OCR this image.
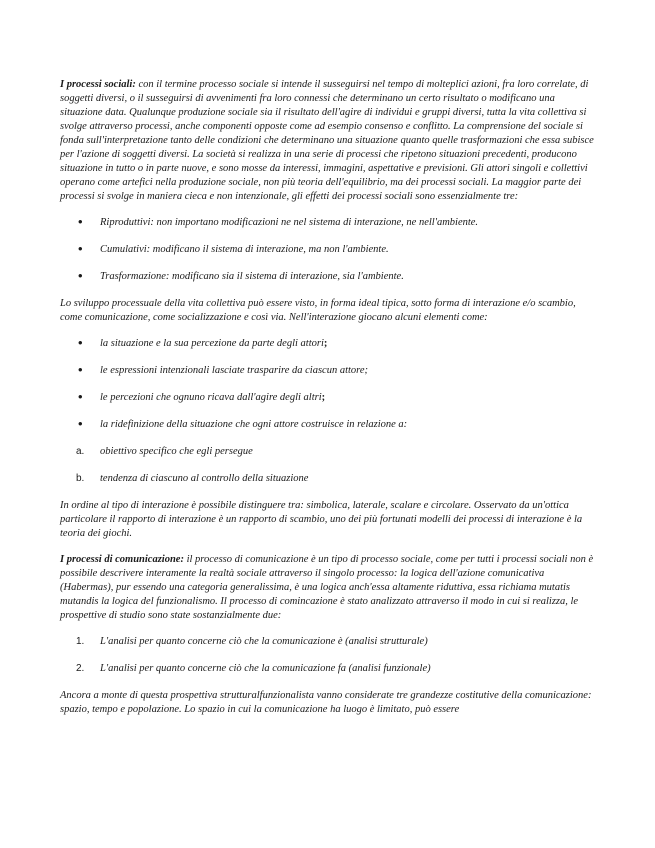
I processi sociali: con il termine processo sociale si intende il susseguirsi nel tempo di molteplici azioni, fra loro correlate, di soggetti diversi, o il susseguirsi di avvenimenti fra loro connessi che determinano un certo risultato o modificano una situazione data. Qualunque produzione sociale sia il risultato dell'agire di individui e gruppi diversi, tutta la vita collettiva si svolge attraverso processi, anche componenti opposte come ad esempio consenso e conflitto. La comprensione del sociale si fonda sull'interpretazione tanto delle condizioni che determinano una situazione quanto quelle trasformazioni che essa subisce per l'azione di soggetti diversi. La società si realizza in una serie di processi che ripetono situazioni precedenti, producono situazione in tutto o in parte nuove, e sono mosse da interessi, immagini, aspettative e previsioni. Gli attori singoli e collettivi operano come artefici nella produzione sociale, non più teoria dell'equilibrio, ma dei processi sociali. La maggior parte dei processi si svolge in maniera cieca e non intenzionale, gli effetti dei processi sociali sono essenzialmente tre:

•	Riproduttivi: non importano modificazioni ne nel sistema di interazione, ne nell'ambiente.
•	Cumulativi: modificano il sistema di interazione, ma non l'ambiente.
•	Trasformazione: modificano sia il sistema di interazione, sia l'ambiente.

Lo sviluppo processuale della vita collettiva può essere visto, in forma ideal tipica, sotto forma di interazione e/o scambio, come comunicazione, come socializzazione e così via. Nell'interazione giocano alcuni elementi come:

•	la situazione e la sua percezione da parte degli attori;
•	le espressioni intenzionali lasciate trasparire da ciascun attore;
•	le percezioni che ognuno ricava dall'agire degli altri;
•	la ridefinizione della situazione che ogni attore costruisce in relazione a:
a.	obiettivo specifico che egli persegue
b.	tendenza di ciascuno al controllo della situazione

In ordine al tipo di interazione è possibile distinguere tra: simbolica, laterale, scalare e circolare. Osservato da un'ottica particolare il rapporto di interazione è un rapporto di scambio, uno dei più fortunati modelli dei processi di interazione è la teoria dei giochi.

I processi di comunicazione: il processo di comunicazione è un tipo di processo sociale, come per tutti i processi sociali non è possibile descrivere interamente la realtà sociale attraverso il singolo processo: la logica dell'azione comunicativa (Habermas), pur essendo una categoria generalissima, è una logica anch'essa altamente riduttiva, essa richiama mutatis mutandis la logica del funzionalismo. Il processo di comincazione è stato analizzato attraverso il modo in cui si realizza, le prospettive di studio sono state sostanzialmente due:

1.	L'analisi per quanto concerne ciò che la comunicazione è (analisi strutturale)
2.	L'analisi per quanto concerne ciò che la comunicazione fa (analisi funzionale)

Ancora a monte di questa prospettiva strutturalfunzionalista vanno considerate tre grandezze costitutive della comunicazione: spazio, tempo e popolazione. Lo spazio in cui la comunicazione ha luogo è limitato, può essere
